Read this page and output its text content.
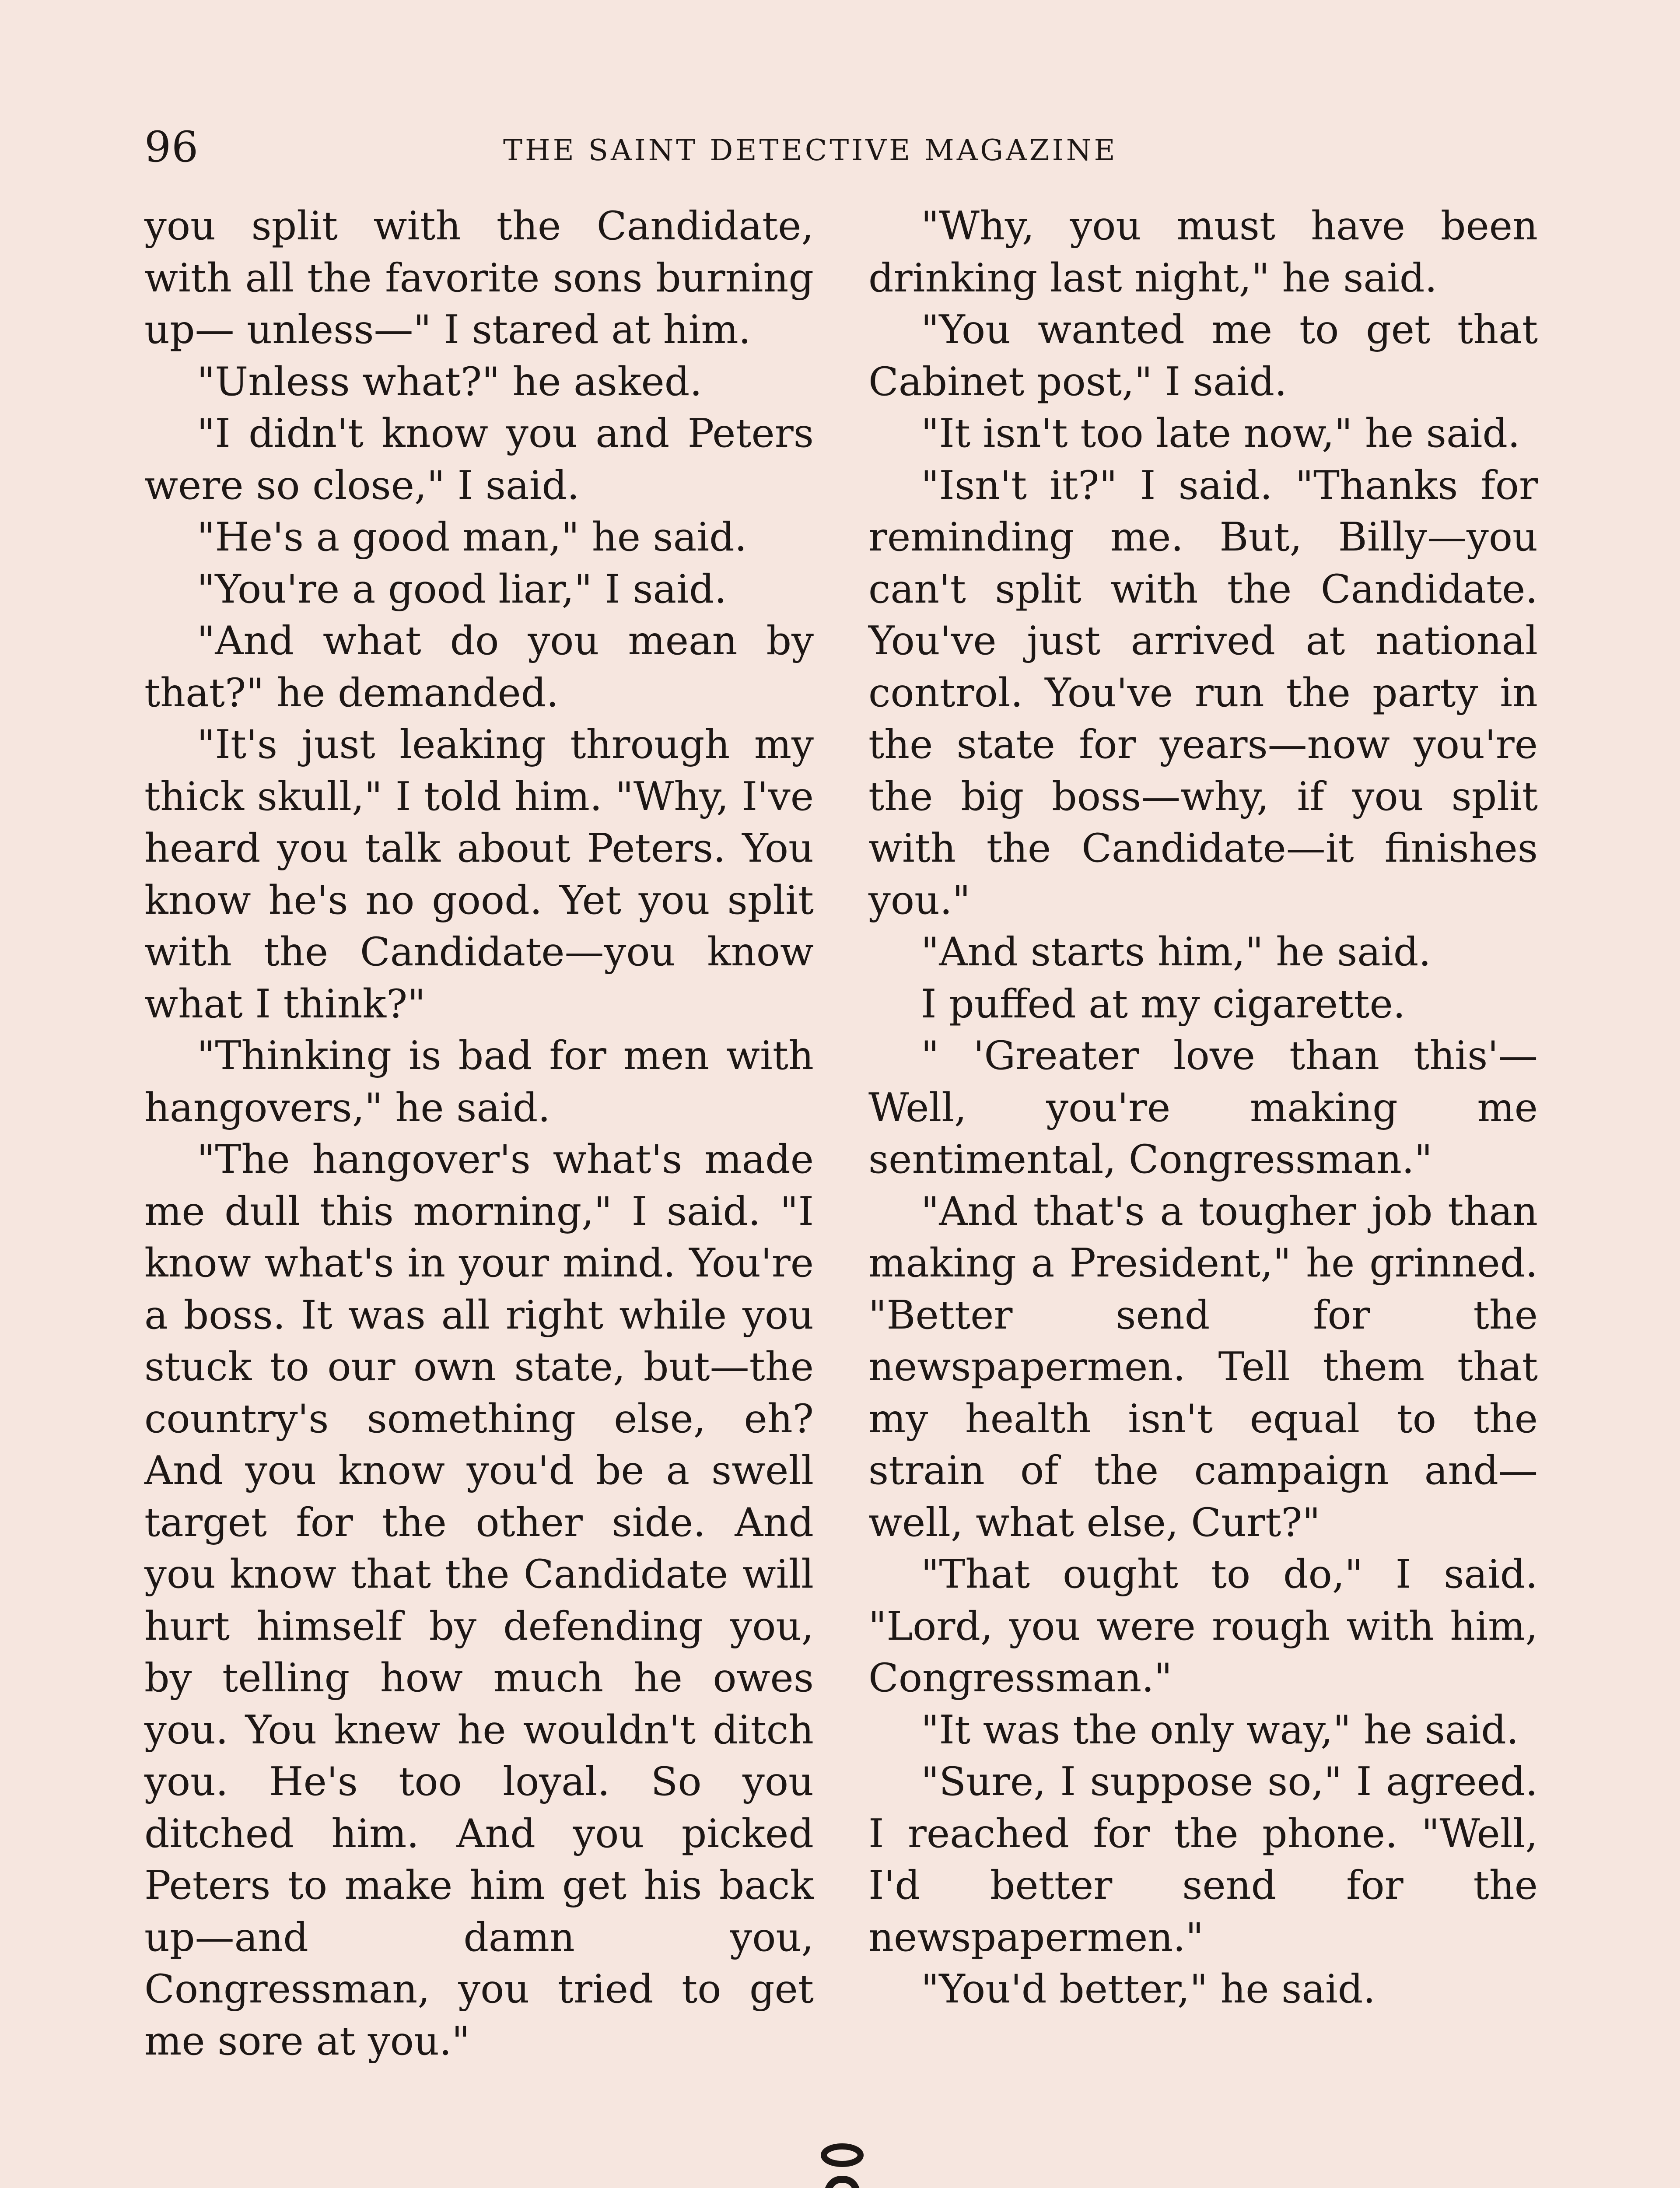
96	THE SAINT DETECTIVE MAGAZINE

you split with the Candidate, with all the favorite sons burning up— unless—" I stared at him.

"Unless what?" he asked.

"I didn't know you and Peters were so close," I said.

"He's a good man," he said.

"You're a good liar," I said.

"And what do you mean by that?" he demanded.

"It's just leaking through my thick skull," I told him. "Why, I've heard you talk about Peters. You know he's no good. Yet you split with the Candidate—you know what I think?"

"Thinking is bad for men with hangovers," he said.

"The hangover's what's made me dull this morning," I said. "I know what's in your mind. You're a boss. It was all right while you stuck to our own state, but—the country's something else, eh? And you know you'd be a swell target for the other side. And you know that the Candidate will hurt himself by defending you, by telling how much he owes you. You knew he wouldn't ditch you. He's too loyal. So you ditched him. And you picked Peters to make him get his back up—and damn you, Congressman, you tried to get me sore at you."

"Why, you must have been drinking last night," he said.

"You wanted me to get that Cabinet post," I said.

"It isn't too late now," he said.

"Isn't it?" I said. "Thanks for reminding me. But, Billy—you can't split with the Candidate. You've just arrived at national control. You've run the party in the state for years—now you're the big boss—why, if you split with the Candidate—it finishes you."

"And starts him," he said.

I puffed at my cigarette.

" 'Greater love than this'— Well, you're making me sentimental, Congressman."

"And that's a tougher job than making a President," he grinned. "Better send for the newspapermen. Tell them that my health isn't equal to the strain of the campaign and—well, what else, Curt?"

"That ought to do," I said. "Lord, you were rough with him, Congressman."

"It was the only way," he said.

"Sure, I suppose so," I agreed. I reached for the phone. "Well, I'd better send for the newspapermen."

"You'd better," he said.
